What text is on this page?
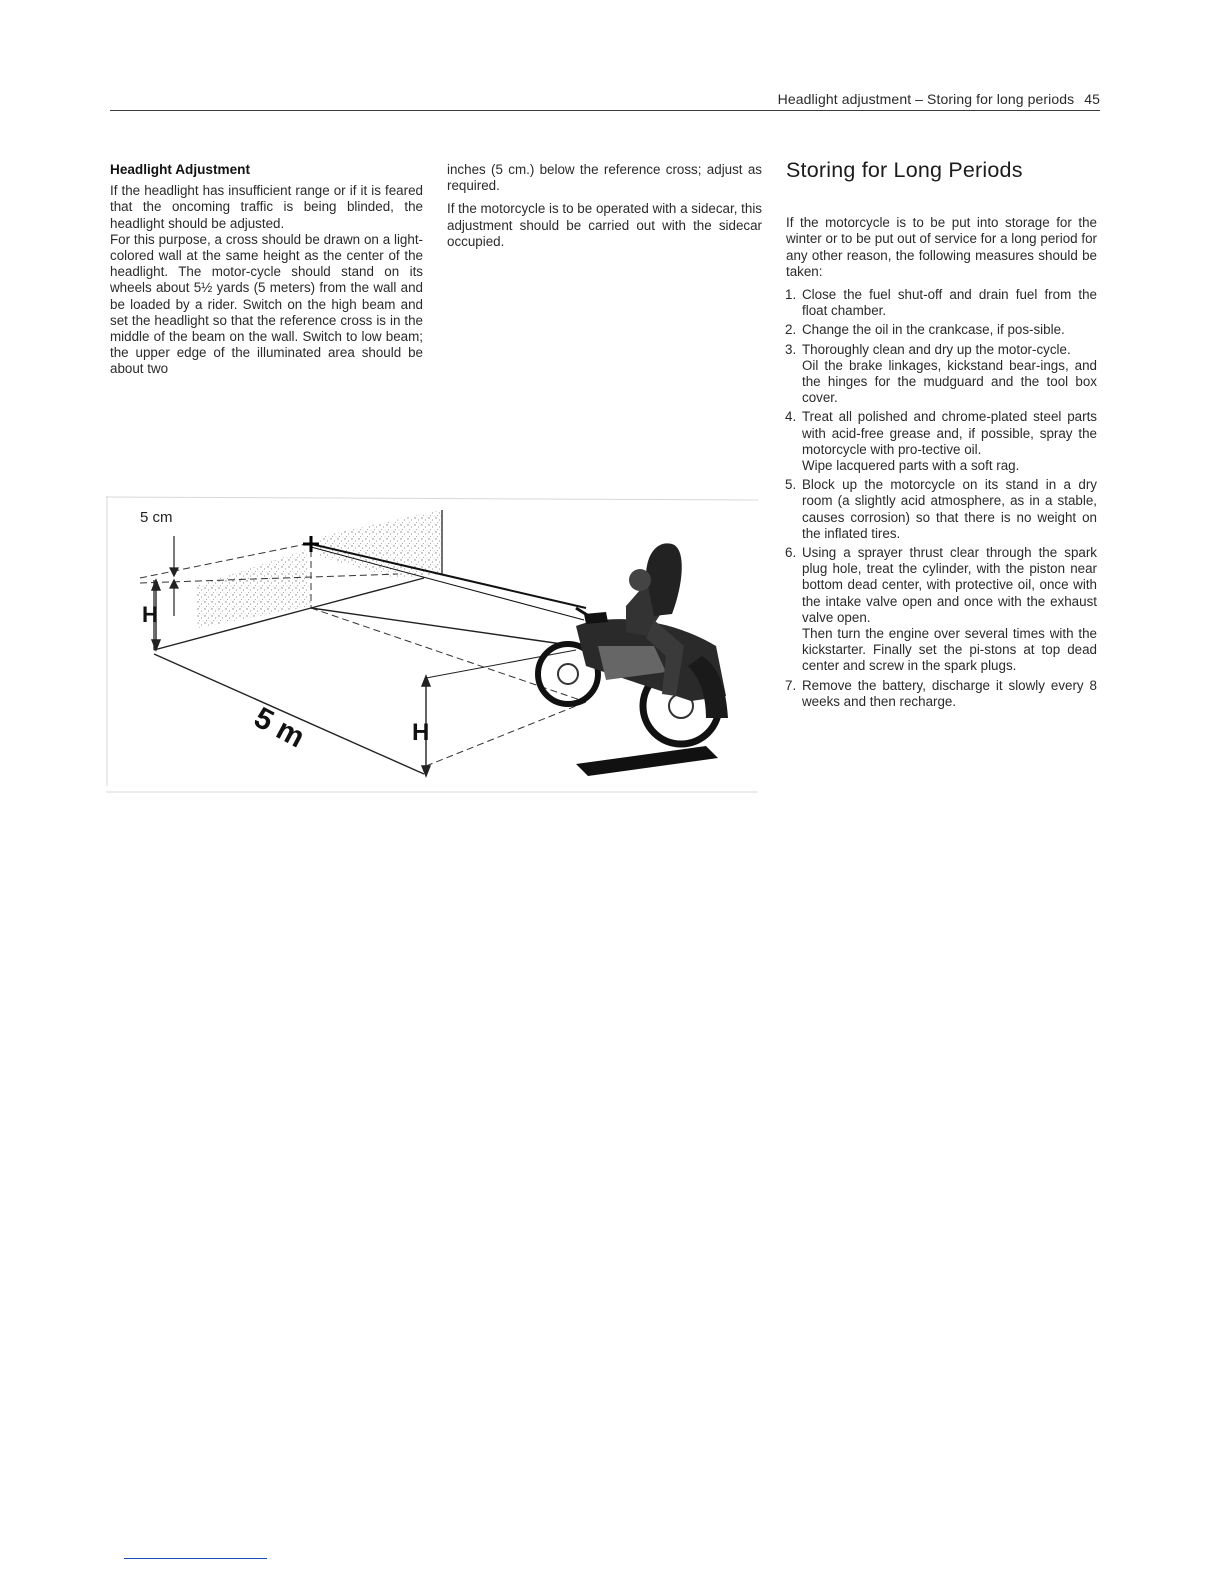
Headlight adjustment – Storing for long periods 45
Headlight Adjustment

If the headlight has insufficient range or if it is feared that the oncoming traffic is being blinded, the headlight should be adjusted.

For this purpose, a cross should be drawn on a light-colored wall at the same height as the center of the headlight. The motor-cycle should stand on its wheels about 5½ yards (5 meters) from the wall and be loaded by a rider. Switch on the high beam and set the headlight so that the reference cross is in the middle of the beam on the wall. Switch to low beam; the upper edge of the illuminated area should be about two

inches (5 cm.) below the reference cross; adjust as required.

If the motorcycle is to be operated with a sidecar, this adjustment should be carried out with the sidecar occupied.

Storing for Long Periods

If the motorcycle is to be put into storage for the winter or to be put out of service for a long period for any other reason, the following measures should be taken:

1. Close the fuel shut-off and drain fuel from the float chamber.

2. Change the oil in the crankcase, if pos-sible.

3. Thoroughly clean and dry up the motor-cycle.

Oil the brake linkages, kickstand bear-ings, and the hinges for the mudguard and the tool box cover.

4. Treat all polished and chrome-plated steel parts with acid-free grease and, if possible, spray the motorcycle with pro-tective oil.

Wipe lacquered parts with a soft rag.

5. Block up the motorcycle on its stand in a dry room (a slightly acid atmosphere, as in a stable, causes corrosion) so that there is no weight on the inflated tires.

6. Using a sprayer thrust clear through the spark plug hole, treat the cylinder, with the piston near bottom dead center, with protective oil, once with the intake valve open and once with the exhaust valve open.

Then turn the engine over several times with the kickstarter. Finally set the pi-stons at top dead center and screw in the spark plugs.

7. Remove the battery, discharge it slowly every 8 weeks and then recharge.

5 cm
H
5 m	H
